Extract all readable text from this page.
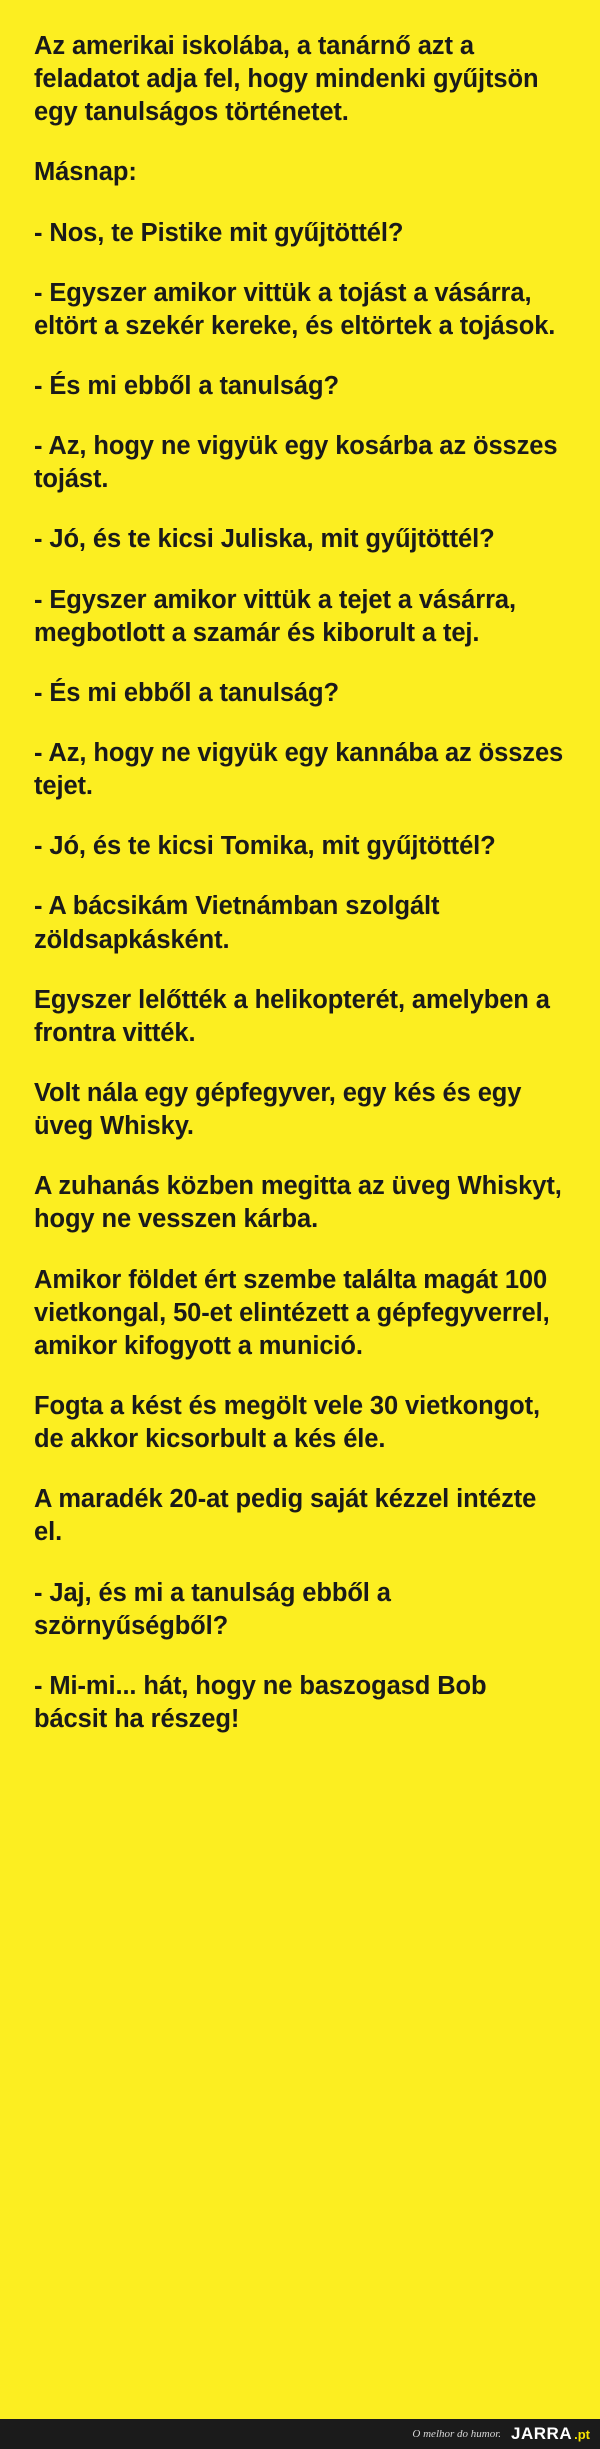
Az amerikai iskolába, a tanárnő azt a feladatot adja fel, hogy mindenki gyűjtsön egy tanulságos történetet.

Másnap:

- Nos, te Pistike mit gyűjtöttél?

- Egyszer amikor vittük a tojást a vásárra, eltört a szekér kereke, és eltörtek a tojások.

- És mi ebből a tanulság?

- Az, hogy ne vigyük egy kosárba az összes tojást.

- Jó, és te kicsi Juliska, mit gyűjtöttél?

- Egyszer amikor vittük a tejet a vásárra, megbotlott a szamár és kiborult a tej.

- És mi ebből a tanulság?

- Az, hogy ne vigyük egy kannába az összes tejet.

- Jó, és te kicsi Tomika, mit gyűjtöttél?

- A bácsikám Vietnámban szolgált zöldsapkásként.

Egyszer lelőtték a helikopterét, amelyben a frontra vitték.

Volt nála egy gépfegyver, egy kés és egy üveg Whisky.

A zuhanás közben megitta az üveg Whiskyt, hogy ne vesszen kárba.

Amikor földet ért szembe találta magát 100 vietkongal, 50-et elintézett a gépfegyverrel, amikor kifogyott a munició.

Fogta a kést és megölt vele 30 vietkongot, de akkor kicsorbult a kés éle.

A maradék 20-at pedig saját kézzel intézte el.

- Jaj, és mi a tanulság ebből a szörnyűségből?

- Mi-mi... hát, hogy ne baszogasd Bob bácsit ha részeg!

O melhor do humor. JARRA .pt
